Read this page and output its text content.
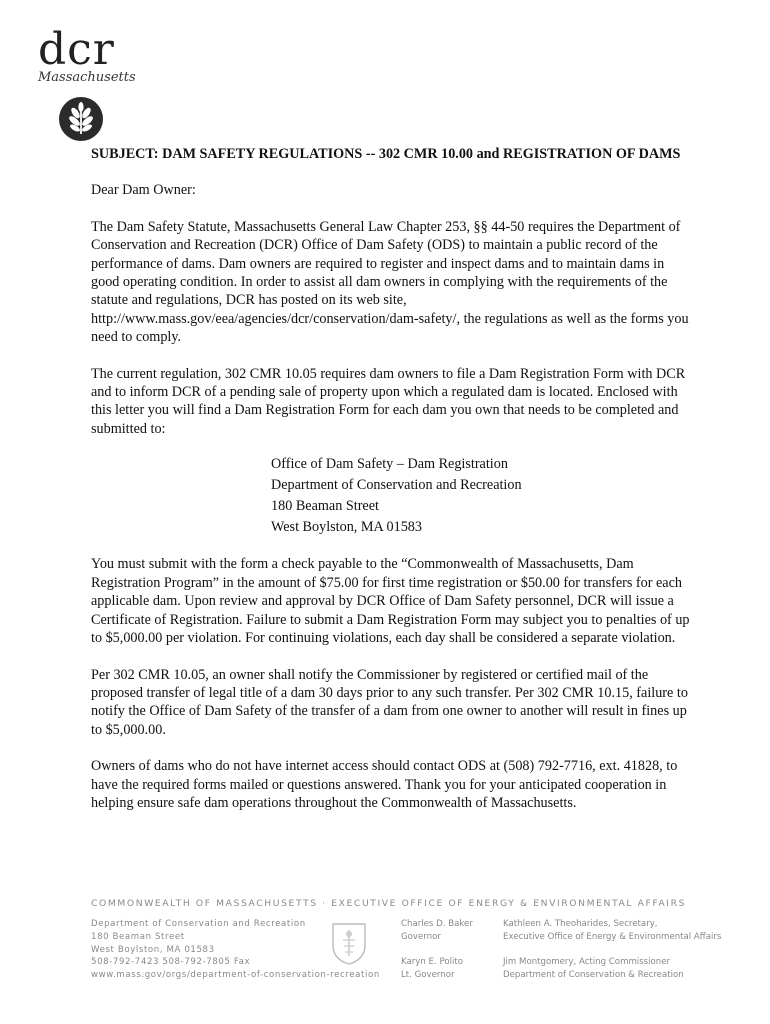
dcr
Massachusetts
SUBJECT: DAM SAFETY REGULATIONS -- 302 CMR 10.00 and REGISTRATION OF DAMS
Dear Dam Owner:
The Dam Safety Statute, Massachusetts General Law Chapter 253, §§ 44-50 requires the Department of Conservation and Recreation (DCR) Office of Dam Safety (ODS) to maintain a public record of the performance of dams. Dam owners are required to register and inspect dams and to maintain dams in good operating condition. In order to assist all dam owners in complying with the requirements of the statute and regulations, DCR has posted on its web site, http://www.mass.gov/eea/agencies/dcr/conservation/dam-safety/, the regulations as well as the forms you need to comply.
The current regulation, 302 CMR 10.05 requires dam owners to file a Dam Registration Form with DCR and to inform DCR of a pending sale of property upon which a regulated dam is located. Enclosed with this letter you will find a Dam Registration Form for each dam you own that needs to be completed and submitted to:
Office of Dam Safety – Dam Registration
Department of Conservation and Recreation
180 Beaman Street
West Boylston, MA 01583
You must submit with the form a check payable to the “Commonwealth of Massachusetts, Dam Registration Program” in the amount of $75.00 for first time registration or $50.00 for transfers for each applicable dam. Upon review and approval by DCR Office of Dam Safety personnel, DCR will issue a Certificate of Registration. Failure to submit a Dam Registration Form may subject you to penalties of up to $5,000.00 per violation. For continuing violations, each day shall be considered a separate violation.
Per 302 CMR 10.05, an owner shall notify the Commissioner by registered or certified mail of the proposed transfer of legal title of a dam 30 days prior to any such transfer. Per 302 CMR 10.15, failure to notify the Office of Dam Safety of the transfer of a dam from one owner to another will result in fines up to $5,000.00.
Owners of dams who do not have internet access should contact ODS at (508) 792-7716, ext. 41828, to have the required forms mailed or questions answered. Thank you for your anticipated cooperation in helping ensure safe dam operations throughout the Commonwealth of Massachusetts.
COMMONWEALTH OF MASSACHUSETTS · EXECUTIVE OFFICE OF ENERGY & ENVIRONMENTAL AFFAIRS
Department of Conservation and Recreation
180 Beaman Street
West Boylston, MA 01583
508-792-7423 508-792-7805 Fax
www.mass.gov/orgs/department-of-conservation-recreation
Charles D. Baker
Governor
Karyn E. Polito
Lt. Governor
Kathleen A. Theoharides, Secretary,
Executive Office of Energy & Environmental Affairs
Jim Montgomery, Acting Commissioner
Department of Conservation & Recreation
